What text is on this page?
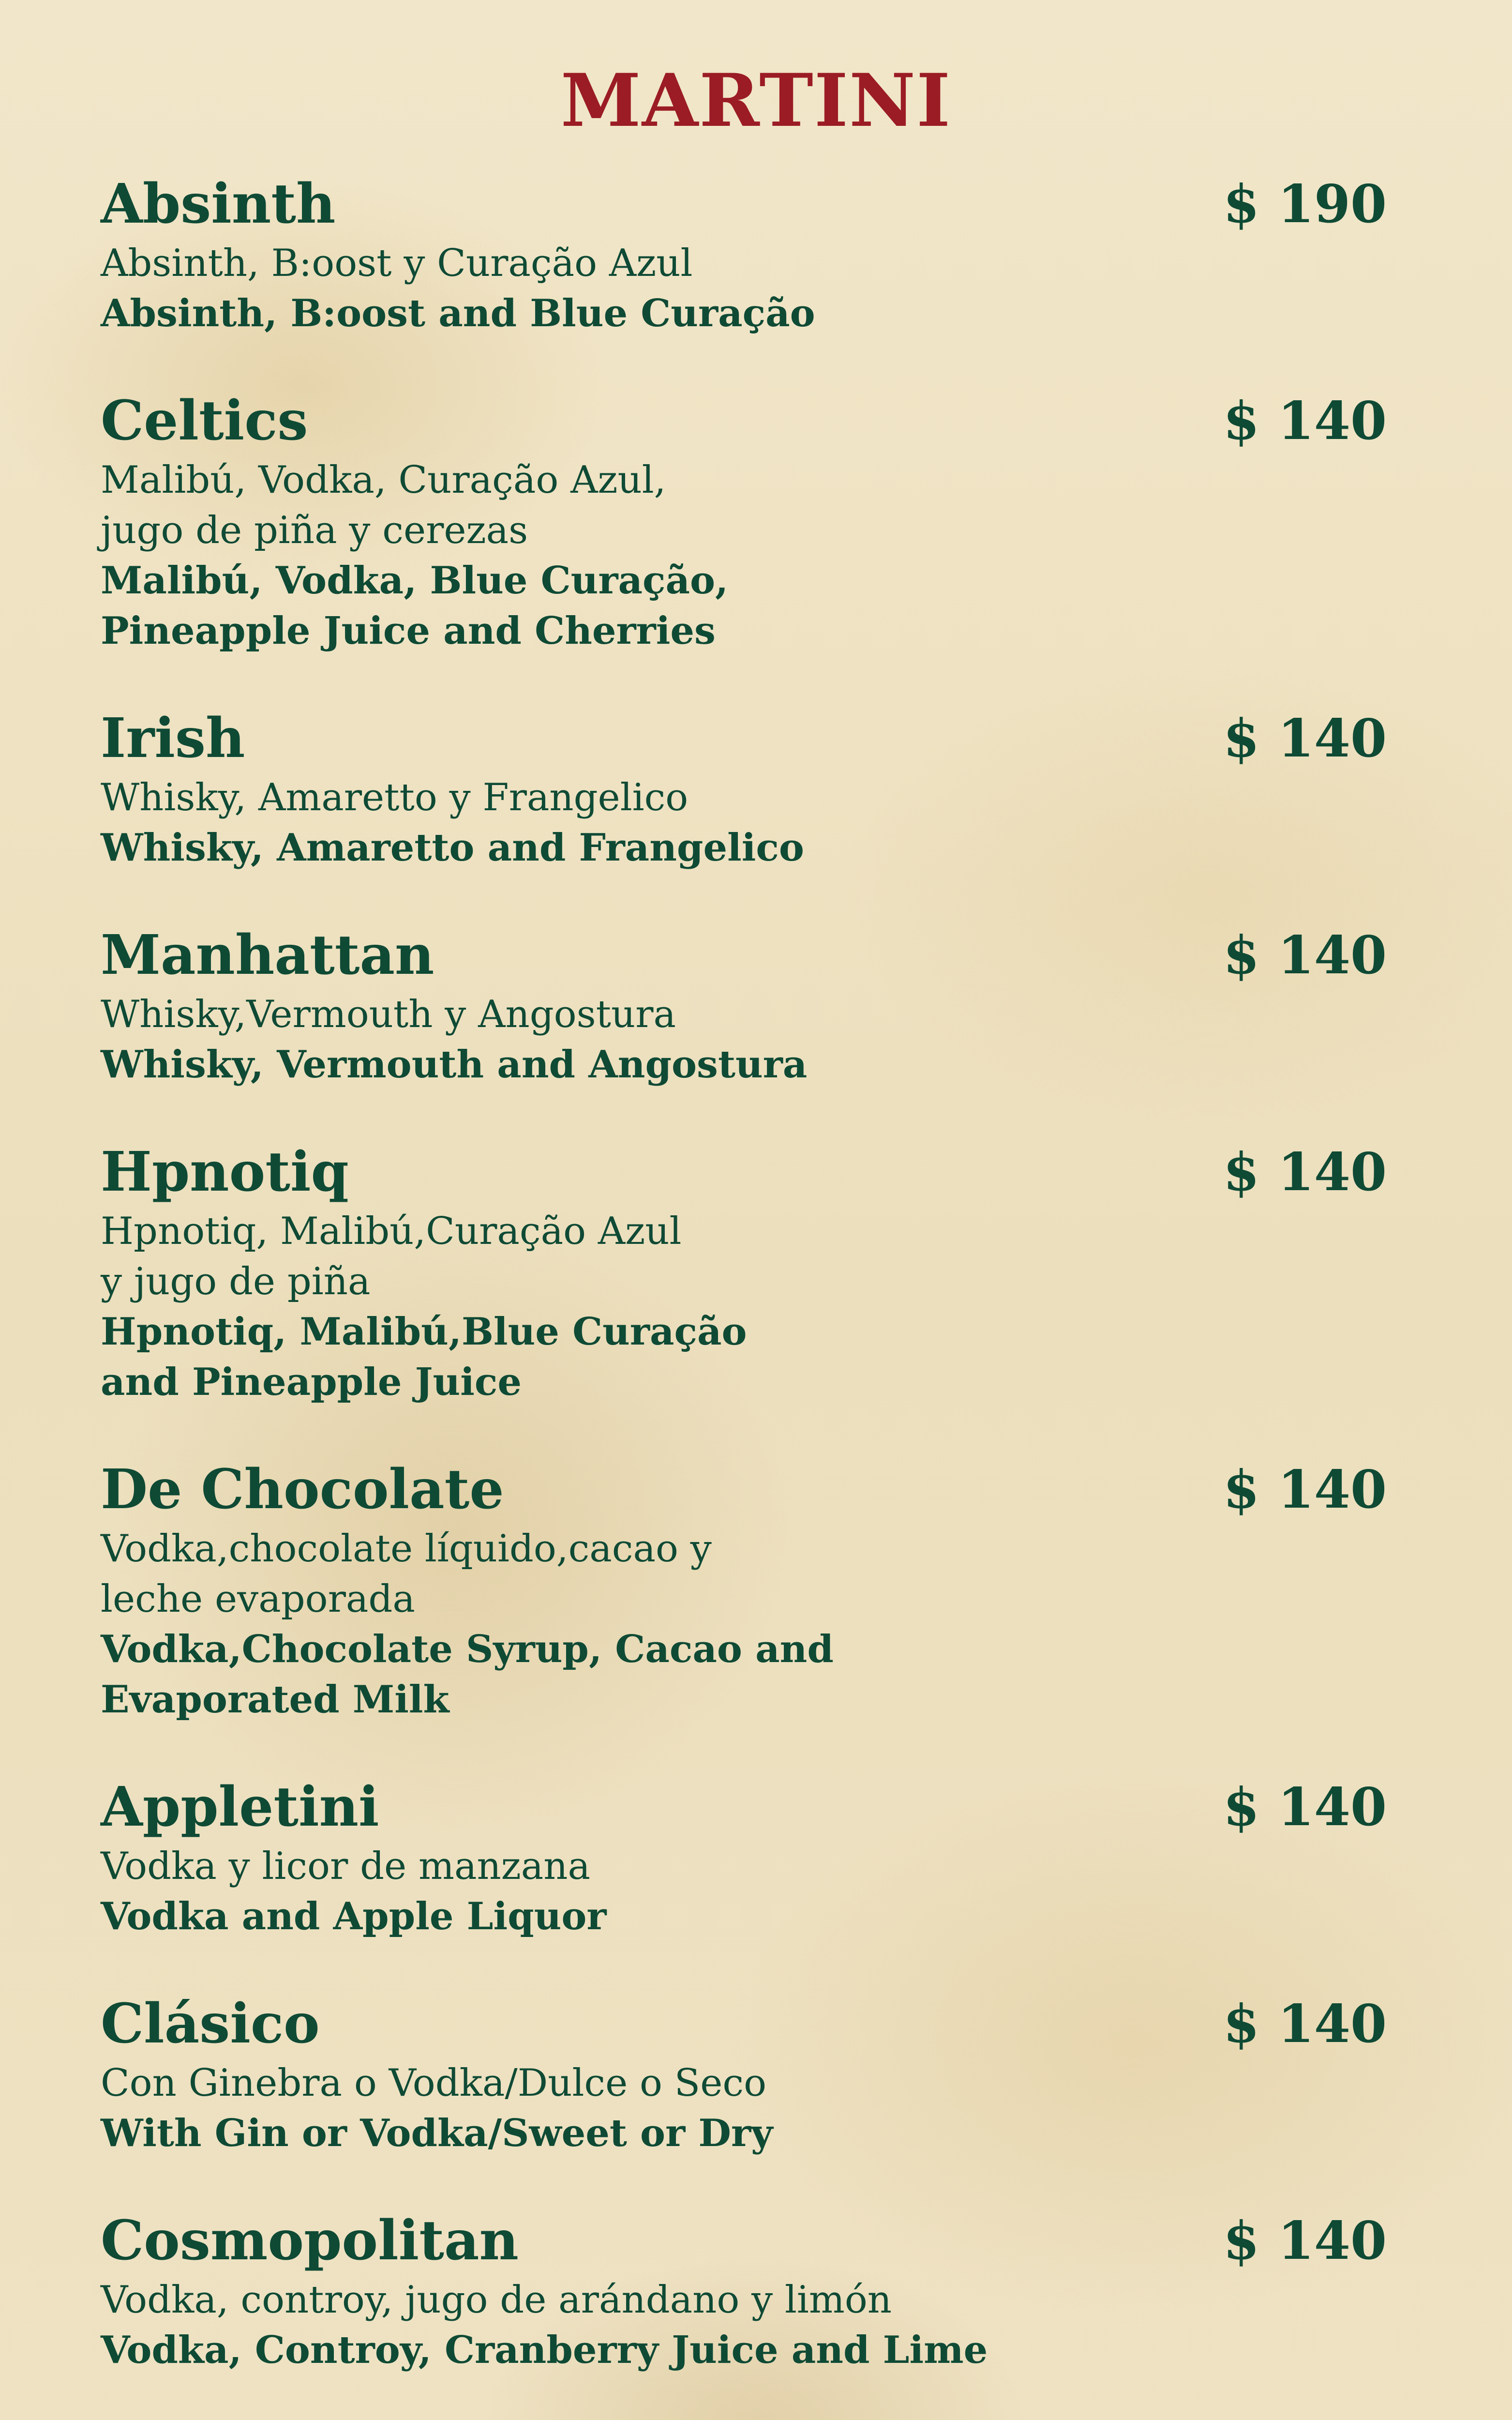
MARTINI
Absinth	$ 190
Absinth, B:oost y Curação Azul
Absinth, B:oost and Blue Curação
Celtics	$ 140
Malibú, Vodka, Curação Azul,
jugo de piña y cerezas
Malibú, Vodka, Blue Curação,
Pineapple Juice and Cherries
Irish	$ 140
Whisky, Amaretto y Frangelico
Whisky, Amaretto and Frangelico
Manhattan	$ 140
Whisky,Vermouth y Angostura
Whisky, Vermouth and Angostura
Hpnotiq	$ 140
Hpnotiq, Malibú,Curação Azul
y jugo de piña
Hpnotiq, Malibú,Blue Curação
and Pineapple Juice
De Chocolate	$ 140
Vodka,chocolate líquido,cacao y
leche evaporada
Vodka,Chocolate Syrup, Cacao and
Evaporated Milk
Appletini	$ 140
Vodka y licor de manzana
Vodka and Apple Liquor
Clásico	$ 140
Con Ginebra o Vodka/Dulce o Seco
With Gin or Vodka/Sweet or Dry
Cosmopolitan	$ 140
Vodka, controy, jugo de arándano y limón
Vodka, Controy, Cranberry Juice and Lime
